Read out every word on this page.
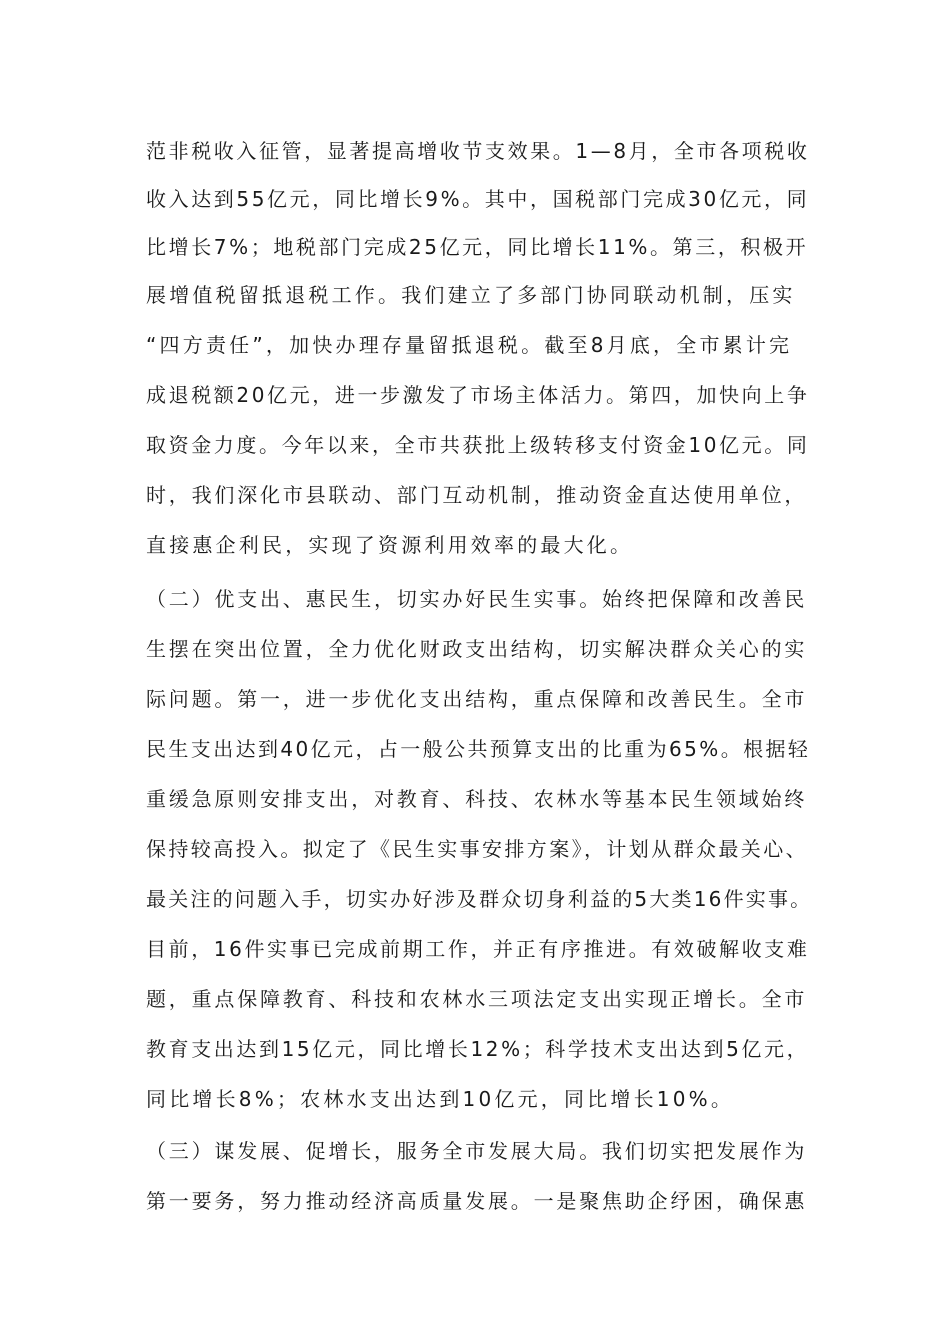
范非税收入征管，显著提高增收节支效果。1—8月，全市各项税收

收入达到55亿元，同比增长9%。其中，国税部门完成30亿元，同

比增长7%；地税部门完成25亿元，同比增长11%。第三，积极开

展增值税留抵退税工作。我们建立了多部门协同联动机制，压实

“四方责任”，加快办理存量留抵退税。截至8月底，全市累计完

成退税额20亿元，进一步激发了市场主体活力。第四，加快向上争

取资金力度。今年以来，全市共获批上级转移支付资金10亿元。同

时，我们深化市县联动、部门互动机制，推动资金直达使用单位，

直接惠企利民，实现了资源利用效率的最大化。

（二）优支出、惠民生，切实办好民生实事。始终把保障和改善民

生摆在突出位置，全力优化财政支出结构，切实解决群众关心的实

际问题。第一，进一步优化支出结构，重点保障和改善民生。全市

民生支出达到40亿元，占一般公共预算支出的比重为65%。根据轻

重缓急原则安排支出，对教育、科技、农林水等基本民生领域始终

保持较高投入。拟定了《民生实事安排方案》，计划从群众最关心、

最关注的问题入手，切实办好涉及群众切身利益的5大类16件实事。

目前，16件实事已完成前期工作，并正有序推进。有效破解收支难

题，重点保障教育、科技和农林水三项法定支出实现正增长。全市

教育支出达到15亿元，同比增长12%；科学技术支出达到5亿元，

同比增长8%；农林水支出达到10亿元，同比增长10%。

（三）谋发展、促增长，服务全市发展大局。我们切实把发展作为

第一要务，努力推动经济高质量发展。一是聚焦助企纾困，确保惠
